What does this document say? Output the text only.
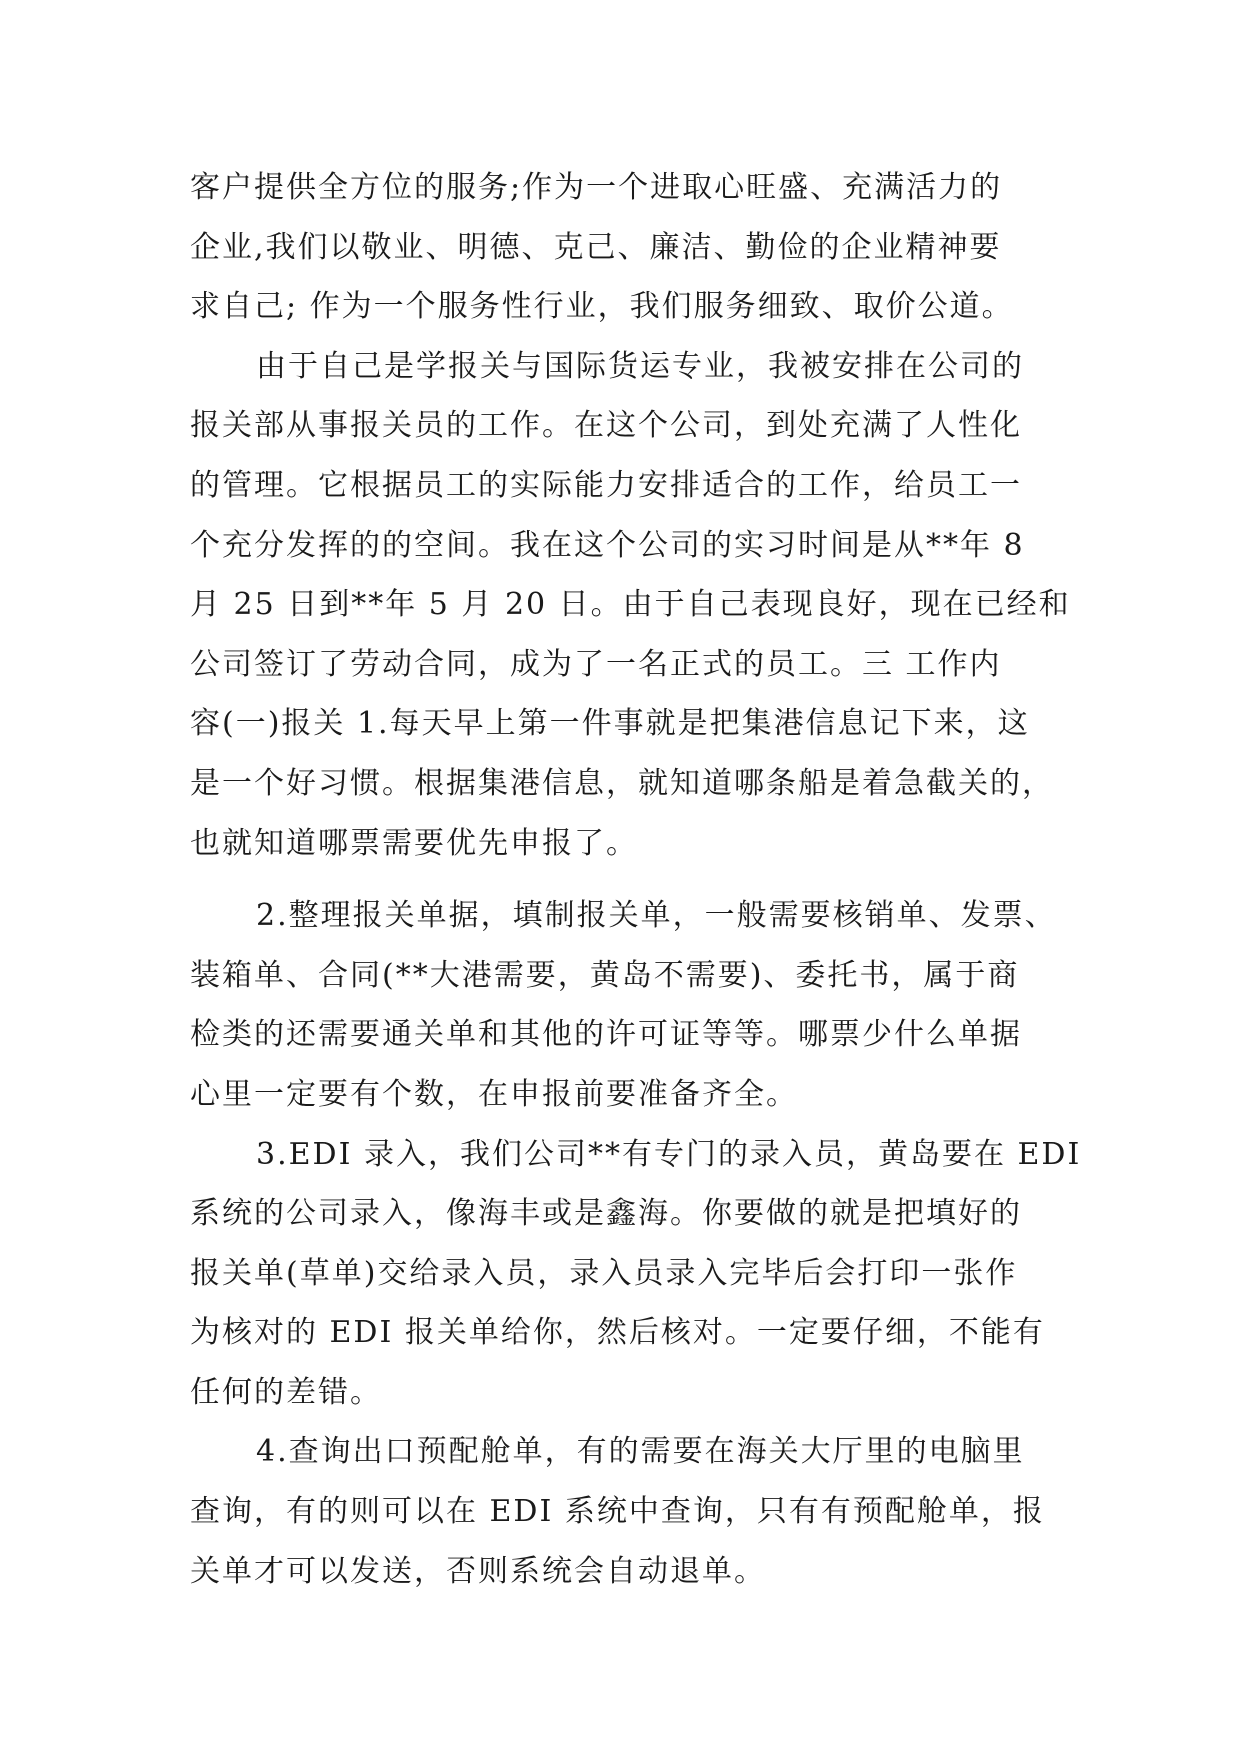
客户提供全方位的服务;作为一个进取心旺盛、充满活力的
企业,我们以敬业、明德、克己、廉洁、勤俭的企业精神要
求自己; 作为一个服务性行业，我们服务细致、取价公道。
由于自己是学报关与国际货运专业，我被安排在公司的
报关部从事报关员的工作。在这个公司，到处充满了人性化
的管理。它根据员工的实际能力安排适合的工作，给员工一
个充分发挥的的空间。我在这个公司的实习时间是从**年 8
月 25 日到**年 5 月 20 日。由于自己表现良好，现在已经和
公司签订了劳动合同，成为了一名正式的员工。三 工作内
容(一)报关 1.每天早上第一件事就是把集港信息记下来，这
是一个好习惯。根据集港信息，就知道哪条船是着急截关的，
也就知道哪票需要优先申报了。
2.整理报关单据，填制报关单，一般需要核销单、发票、
装箱单、合同(**大港需要，黄岛不需要)、委托书，属于商
检类的还需要通关单和其他的许可证等等。哪票少什么单据
心里一定要有个数，在申报前要准备齐全。
3.EDI 录入，我们公司**有专门的录入员，黄岛要在 EDI
系统的公司录入，像海丰或是鑫海。你要做的就是把填好的
报关单(草单)交给录入员，录入员录入完毕后会打印一张作
为核对的 EDI 报关单给你，然后核对。一定要仔细，不能有
任何的差错。
4.查询出口预配舱单，有的需要在海关大厅里的电脑里
查询，有的则可以在 EDI 系统中查询，只有有预配舱单，报
关单才可以发送，否则系统会自动退单。
